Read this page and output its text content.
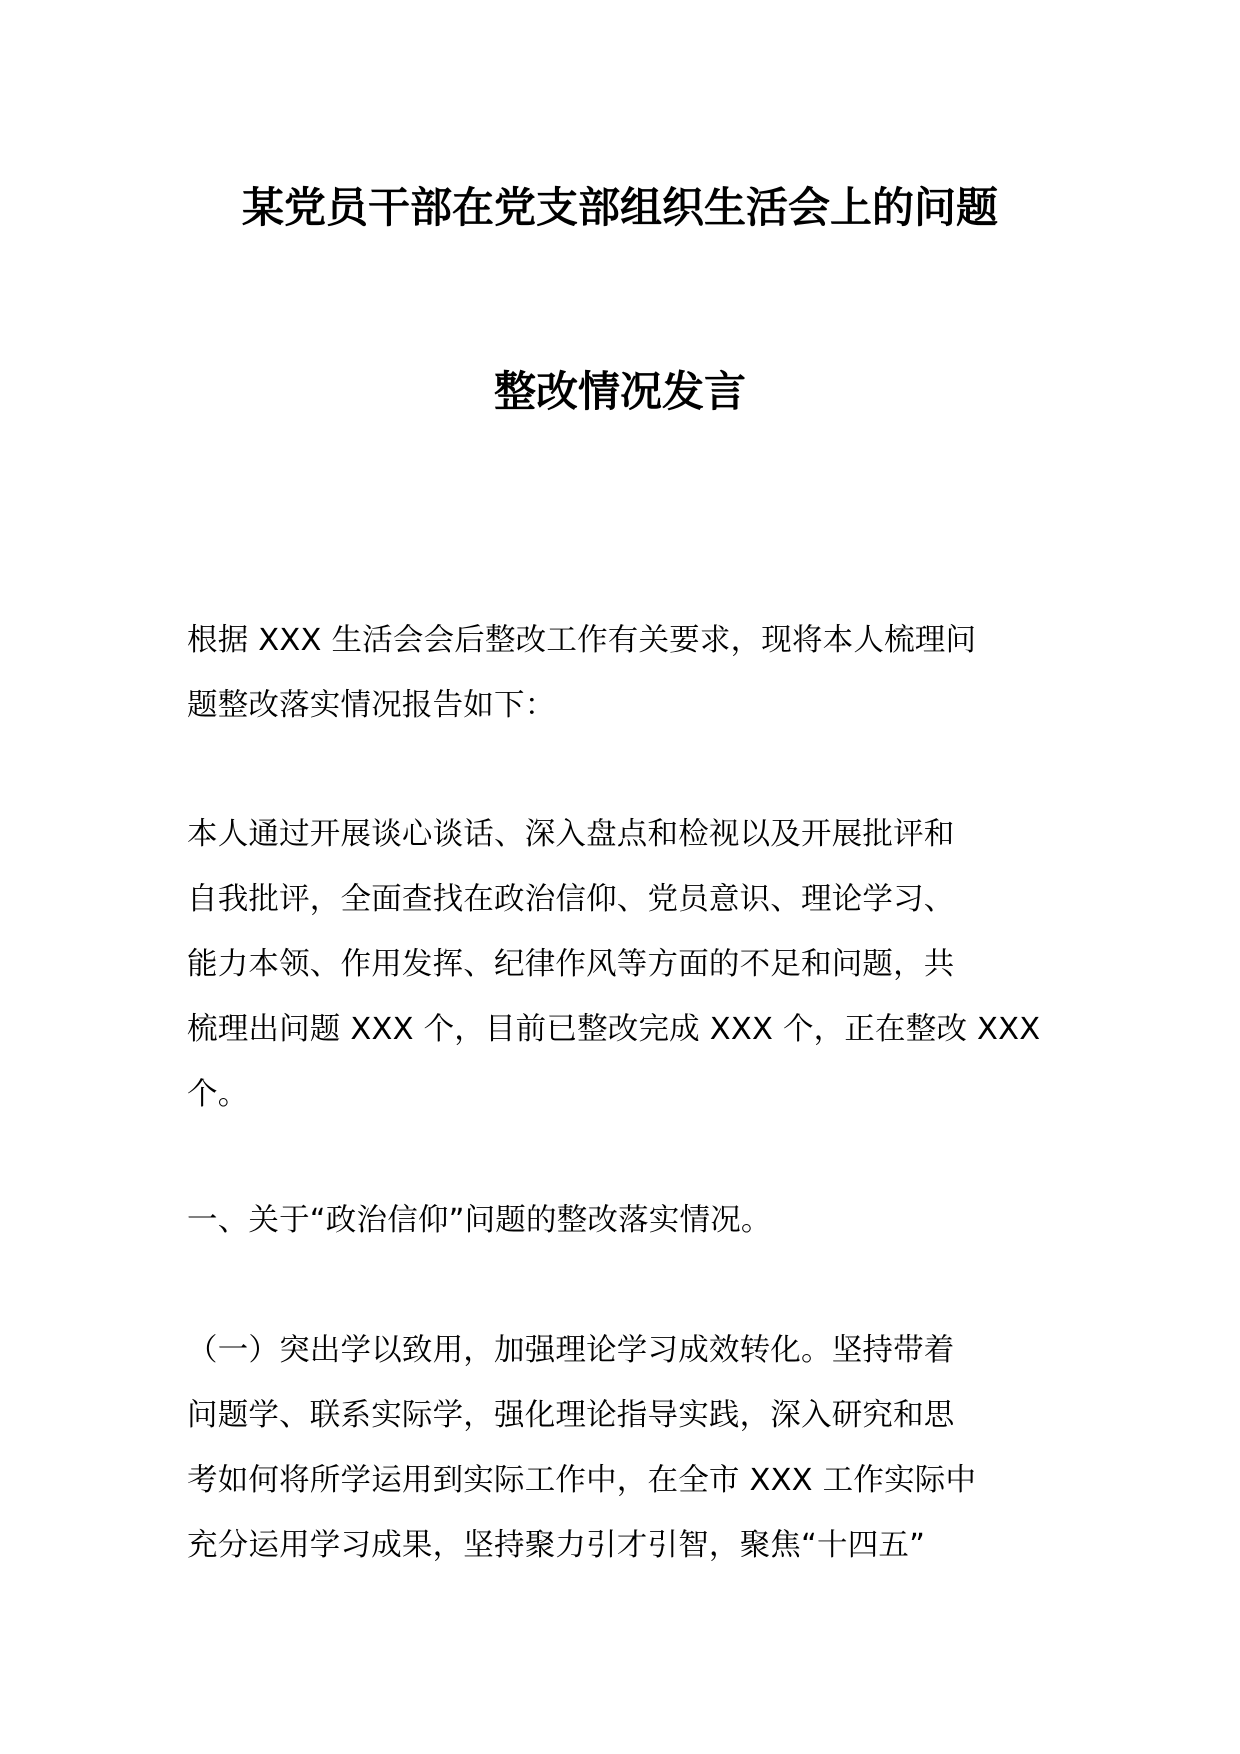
某党员干部在党支部组织生活会上的问题
整改情况发言
根据 XXX 生活会会后整改工作有关要求，现将本人梳理问
题整改落实情况报告如下：
本人通过开展谈心谈话、深入盘点和检视以及开展批评和
自我批评，全面查找在政治信仰、党员意识、理论学习、
能力本领、作用发挥、纪律作风等方面的不足和问题，共
梳理出问题 XXX 个，目前已整改完成 XXX 个，正在整改 XXX
个。
一、关于“政治信仰”问题的整改落实情况。
（一）突出学以致用，加强理论学习成效转化。坚持带着
问题学、联系实际学，强化理论指导实践，深入研究和思
考如何将所学运用到实际工作中，在全市 XXX 工作实际中
充分运用学习成果，坚持聚力引才引智，聚焦“十四五”
